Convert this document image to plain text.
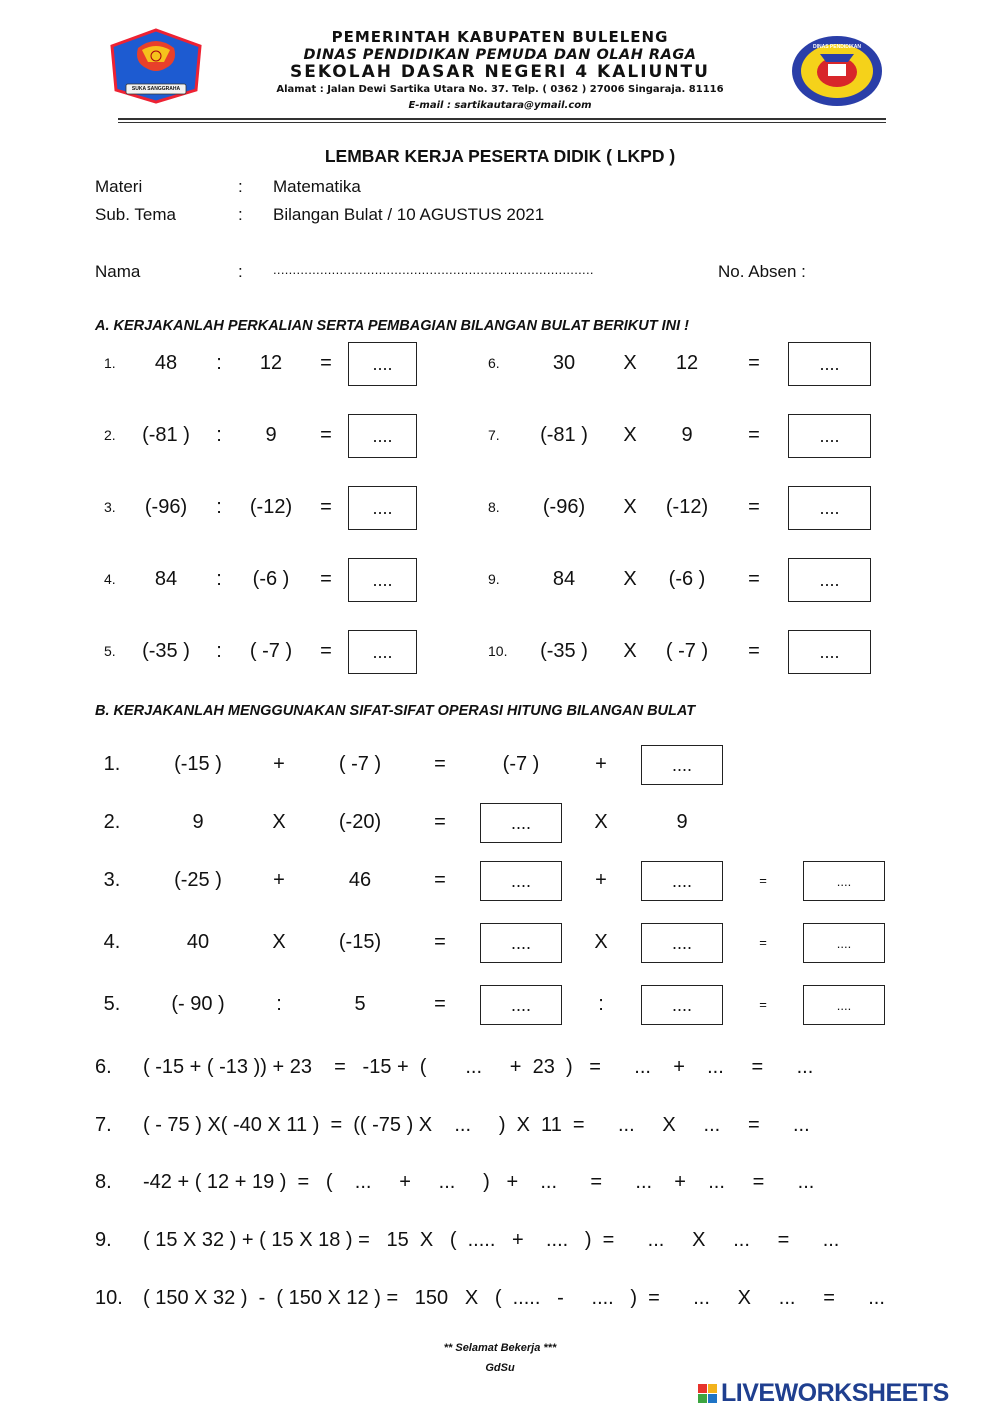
SUKA SANGGRAHA
DINAS PENDIDIKAN
PEMERINTAH KABUPATEN BULELENG
DINAS PENDIDIKAN PEMUDA DAN OLAH RAGA
SEKOLAH DASAR NEGERI 4 KALIUNTU
Alamat : Jalan Dewi Sartika Utara No. 37. Telp. ( 0362 ) 27006 Singaraja. 81116
E-mail : sartikautara@ymail.com
LEMBAR KERJA PESERTA DIDIK ( LKPD )
Materi	: Matematika
Sub. Tema	: Bilangan Bulat / 10 AGUSTUS 2021
Nama	: ..................................................................................	No. Absen :
A. KERJAKANLAH PERKALIAN SERTA PEMBAGIAN BILANGAN BULAT BERIKUT INI !
1. 48 : 12 =	....
2. (-81 ) : 9 =	....
3. (-96) : (-12) =	....
4. 84 : (-6 ) =	....
5. (-35 ) : ( -7 ) =	....
6.	30 X 12	=	....
7. (-81 ) X 9	=	....
8. (-96) X (-12) =	....
9.	84 X (-6 ) =	....
10. (-35 ) X ( -7 ) =	....
B. KERJAKANLAH MENGGUNAKAN SIFAT-SIFAT OPERASI HITUNG BILANGAN BULAT
1.	(-15 )	+	( -7 )	=	(-7 )	+	....
2.	9	X	(-20)	=	....	X	9
3.	(-25 )	+	46	=	....	+	....	=	....
4.	40	X	(-15)	=	....	X	....	=	....
5.	(- 90 )	:	5	=	....	:	....	=	....
6. ( -15 + ( -13 )) + 23    =   -15 +  (       ...     +  23  )   =      ...    +    ...     =      ...
7. ( - 75 ) X( -40 X 11 )  =  (( -75 ) X    ...     )  X  11  =      ...     X     ...     =      ...
8. -42 + ( 12 + 19 )  =   (    ...     +     ...     )   +    ...      =      ...    +    ...     =      ...
9. ( 15 X 32 ) + ( 15 X 18 ) =   15  X   (  .....   +    ....   )  =      ...     X     ...     =      ...
10. ( 150 X 32 )  -  ( 150 X 12 ) =   150   X   (  .....   -     ....   )  =      ...     X     ...     =      ...
** Selamat Bekerja ***
GdSu
LIVEWORKSHEETS
